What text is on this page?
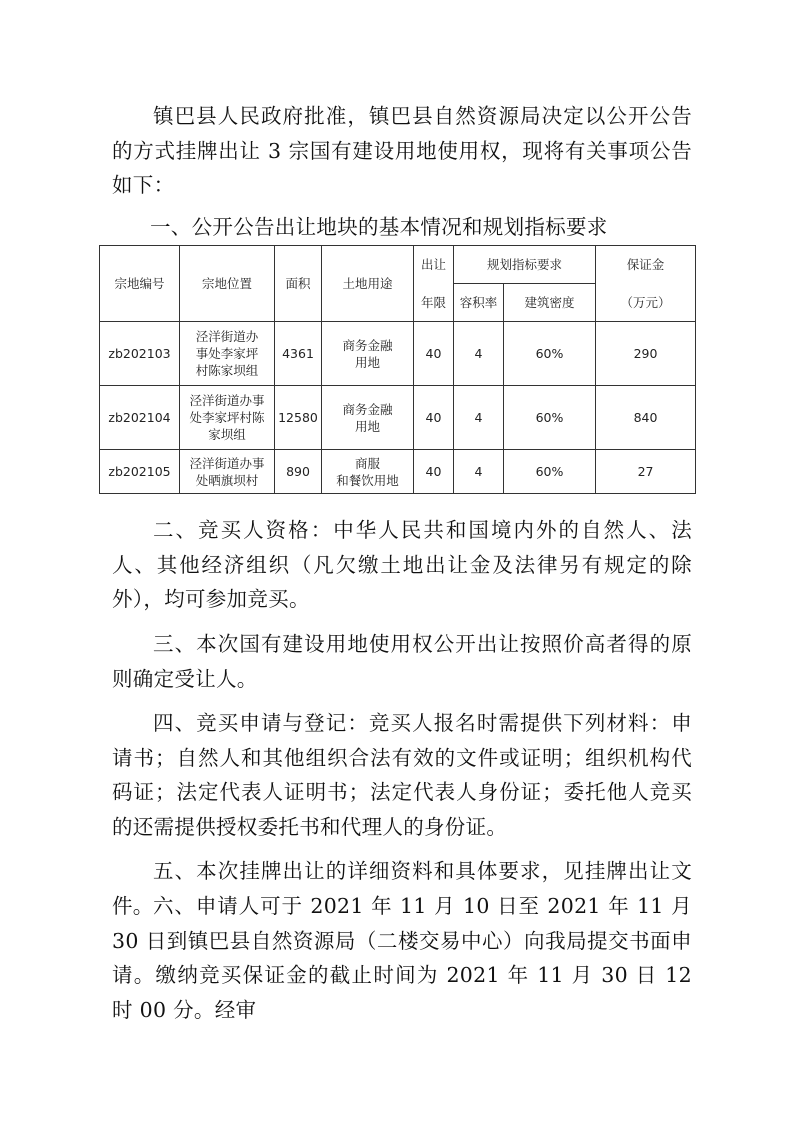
镇巴县人民政府批准，镇巴县自然资源局决定以公开公告的方式挂牌出让 3 宗国有建设用地使用权，现将有关事项公告如下：

一、公开公告出让地块的基本情况和规划指标要求

宗地编号	宗地位置	面积	土地用途	出让	规划指标要求		保证金
				年限	容积率	建筑密度	（万元）
zb202103	泾洋街道办
事处李家坪
村陈家坝组	4361	商务金融
用地	40	4	60%	290
zb202104	泾洋街道办事
处李家坪村陈
家坝组	12580	商务金融
用地	40	4	60%	840
zb202105	泾洋街道办事
处晒旗坝村	890	商服
和餐饮用地	40	4	60%	27

二、竞买人资格：中华人民共和国境内外的自然人、法人、其他经济组织（凡欠缴土地出让金及法律另有规定的除外），均可参加竞买。

三、本次国有建设用地使用权公开出让按照价高者得的原则确定受让人。

四、竞买申请与登记：竞买人报名时需提供下列材料：申请书；自然人和其他组织合法有效的文件或证明；组织机构代码证；法定代表人证明书；法定代表人身份证；委托他人竞买的还需提供授权委托书和代理人的身份证。

五、本次挂牌出让的详细资料和具体要求，见挂牌出让文件。 六、申请人可于 2021 年 11 月 10 日至 2021 年 11 月 30 日到镇巴县自然资源局（二楼交易中心）向我局提交书面申请。缴纳竞买保证金的截止时间为 2021 年 11 月 30 日 12 时 00 分。经审
